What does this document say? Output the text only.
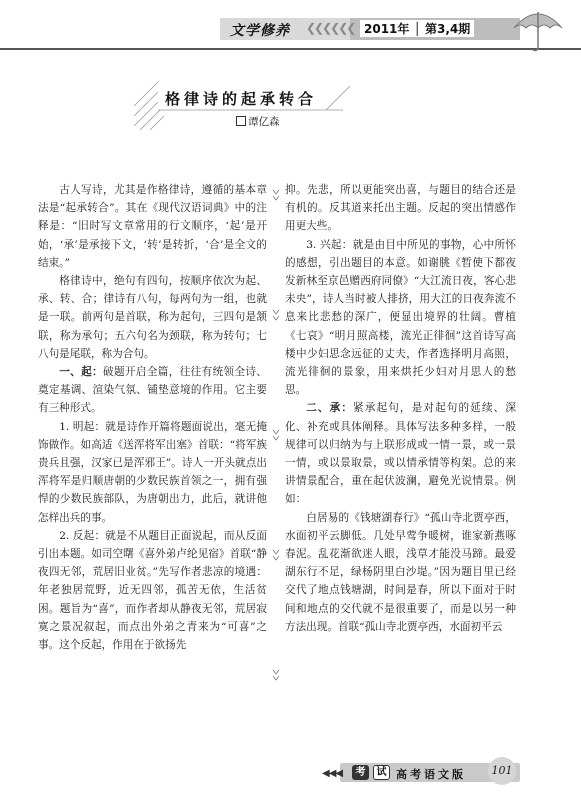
文学修养 ❮❮❮❮❮❮ 2011年 │ 第3,4期
格律诗的起承转合
谭亿森

古人写诗，尤其是作格律诗，遵循的基本章法是“起承转合”。其在《现代汉语词典》中的注释是：“旧时写文章常用的行文顺序，‘起’是开始，‘承’是承接下文，‘转’是转折，‘合’是全文的结束。”

格律诗中，绝句有四句，按顺序依次为起、承、转、合；律诗有八句，每两句为一组，也就是一联。前两句是首联，称为起句，三四句是颔联，称为承句；五六句名为颈联，称为转句；七八句是尾联，称为合句。

一、起：破题开启全篇，往往有统领全诗、奠定基调、渲染气氛、铺垫意境的作用。它主要有三种形式。

1. 明起：就是诗作开篇将题面说出，毫无掩饰做作。如高适《送浑将军出塞》首联：“将军族贵兵且强，汉家已是浑邪王”。诗人一开头就点出浑将军是归顺唐朝的少数民族首领之一，拥有强悍的少数民族部队，为唐朝出力，此后，就讲他怎样出兵的事。

2. 反起：就是不从题目正面说起，而从反面引出本题。如司空曙《喜外弟卢纶见宿》首联“静夜四无邻，荒居旧业贫。”先写作者悲凉的境遇：年老独居荒野，近无四邻，孤苦无依，生活贫困。题旨为“喜”，而作者却从静夜无邻，荒居寂寞之景况叙起，而点出外弟之青来为“可喜”之事。这个反起，作用在于欲扬先

抑。先悲，所以更能突出喜，与题目的结合还是有机的。反其道来托出主题。反起的突出情感作用更大些。

3. 兴起：就是由目中所见的事物，心中所怀的感想，引出题目的本意。如谢朓《暂使下都夜发新林至京邑赠西府同僚》“大江流日夜，客心悲未央”，诗人当时被人排挤，用大江的日夜奔流不息来比悲愁的深广，便显出境界的壮阔。曹植《七哀》“明月照高楼，流光正徘徊”这首诗写高楼中少妇思念远征的丈夫，作者选择明月高照，流光徘徊的景象，用来烘托少妇对月思人的愁思。

二、承：紧承起句，是对起句的延续、深化、补充或具体阐释。具体写法多种多样，一般规律可以归纳为与上联形成或一情一景，或一景一情，或以景取景，或以情承情等构架。总的来讲情景配合，重在起伏波澜，避免光说情景。例如：

白居易的《钱塘湖春行》“孤山寺北贾亭西，水面初平云脚低。几处早莺争暖树，谁家新燕啄春泥。乱花渐欲迷人眼，浅草才能没马蹄。最爱湖东行不足，绿杨阴里白沙堤。”因为题目里已经交代了地点钱塘湖，时间是春，所以下面对于时间和地点的交代就不是很重要了，而是以另一种方法出现。首联“孤山寺北贾亭西，水面初平云

◀◀◀	考	试 高考语文版	101
